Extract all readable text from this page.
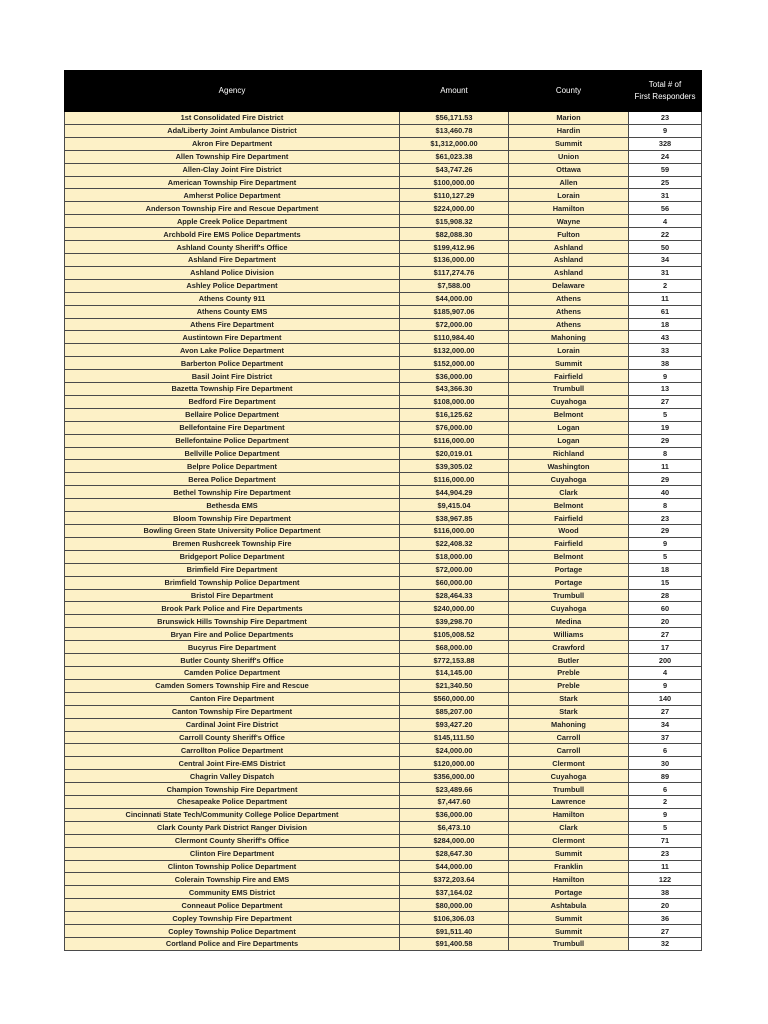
Agency	Amount	County	Total # of
First Responders
1st Consolidated Fire District	$56,171.53	Marion	23
Ada/Liberty Joint Ambulance District	$13,460.78	Hardin	9
Akron Fire Department	$1,312,000.00	Summit	328
Allen Township Fire Department	$61,023.38	Union	24
Allen-Clay Joint Fire District	$43,747.26	Ottawa	59
American Township Fire Department	$100,000.00	Allen	25
Amherst Police Department	$110,127.29	Lorain	31
Anderson Township Fire and Rescue Department	$224,000.00	Hamilton	56
Apple Creek Police Department	$15,908.32	Wayne	4
Archbold Fire EMS Police Departments	$82,088.30	Fulton	22
Ashland County Sheriff's Office	$199,412.96	Ashland	50
Ashland Fire Department	$136,000.00	Ashland	34
Ashland Police Division	$117,274.76	Ashland	31
Ashley Police Department	$7,588.00	Delaware	2
Athens County 911	$44,000.00	Athens	11
Athens County EMS	$185,907.06	Athens	61
Athens Fire Department	$72,000.00	Athens	18
Austintown Fire Department	$110,984.40	Mahoning	43
Avon Lake Police Department	$132,000.00	Lorain	33
Barberton Police Department	$152,000.00	Summit	38
Basil Joint Fire District	$36,000.00	Fairfield	9
Bazetta Township Fire Department	$43,366.30	Trumbull	13
Bedford Fire Department	$108,000.00	Cuyahoga	27
Bellaire Police Department	$16,125.62	Belmont	5
Bellefontaine Fire Department	$76,000.00	Logan	19
Bellefontaine Police Department	$116,000.00	Logan	29
Bellville Police Department	$20,019.01	Richland	8
Belpre Police Department	$39,305.02	Washington	11
Berea Police Department	$116,000.00	Cuyahoga	29
Bethel Township Fire Department	$44,904.29	Clark	40
Bethesda EMS	$9,415.04	Belmont	8
Bloom Township Fire Department	$38,967.85	Fairfield	23
Bowling Green State University Police Department	$116,000.00	Wood	29
Bremen Rushcreek Township Fire	$22,408.32	Fairfield	9
Bridgeport Police Department	$18,000.00	Belmont	5
Brimfield Fire Department	$72,000.00	Portage	18
Brimfield Township Police Department	$60,000.00	Portage	15
Bristol Fire Department	$28,464.33	Trumbull	28
Brook Park Police and Fire Departments	$240,000.00	Cuyahoga	60
Brunswick Hills Township Fire Department	$39,298.70	Medina	20
Bryan Fire and Police Departments	$105,008.52	Williams	27
Bucyrus Fire Department	$68,000.00	Crawford	17
Butler County Sheriff's Office	$772,153.88	Butler	200
Camden Police Department	$14,145.00	Preble	4
Camden Somers Township Fire and Rescue	$21,340.50	Preble	9
Canton Fire Department	$560,000.00	Stark	140
Canton Township Fire Department	$85,207.00	Stark	27
Cardinal Joint Fire District	$93,427.20	Mahoning	34
Carroll County Sheriff's Office	$145,111.50	Carroll	37
Carrollton Police Department	$24,000.00	Carroll	6
Central Joint Fire-EMS District	$120,000.00	Clermont	30
Chagrin Valley Dispatch	$356,000.00	Cuyahoga	89
Champion Township Fire Department	$23,489.66	Trumbull	6
Chesapeake Police Department	$7,447.60	Lawrence	2
Cincinnati State Tech/Community College Police Department	$36,000.00	Hamilton	9
Clark County Park District Ranger Division	$6,473.10	Clark	5
Clermont County Sheriff's Office	$284,000.00	Clermont	71
Clinton Fire Department	$28,647.30	Summit	23
Clinton Township Police Department	$44,000.00	Franklin	11
Colerain Township Fire and EMS	$372,203.64	Hamilton	122
Community EMS District	$37,164.02	Portage	38
Conneaut Police Department	$80,000.00	Ashtabula	20
Copley Township Fire Department	$106,306.03	Summit	36
Copley Township Police Department	$91,511.40	Summit	27
Cortland Police and Fire Departments	$91,400.58	Trumbull	32
